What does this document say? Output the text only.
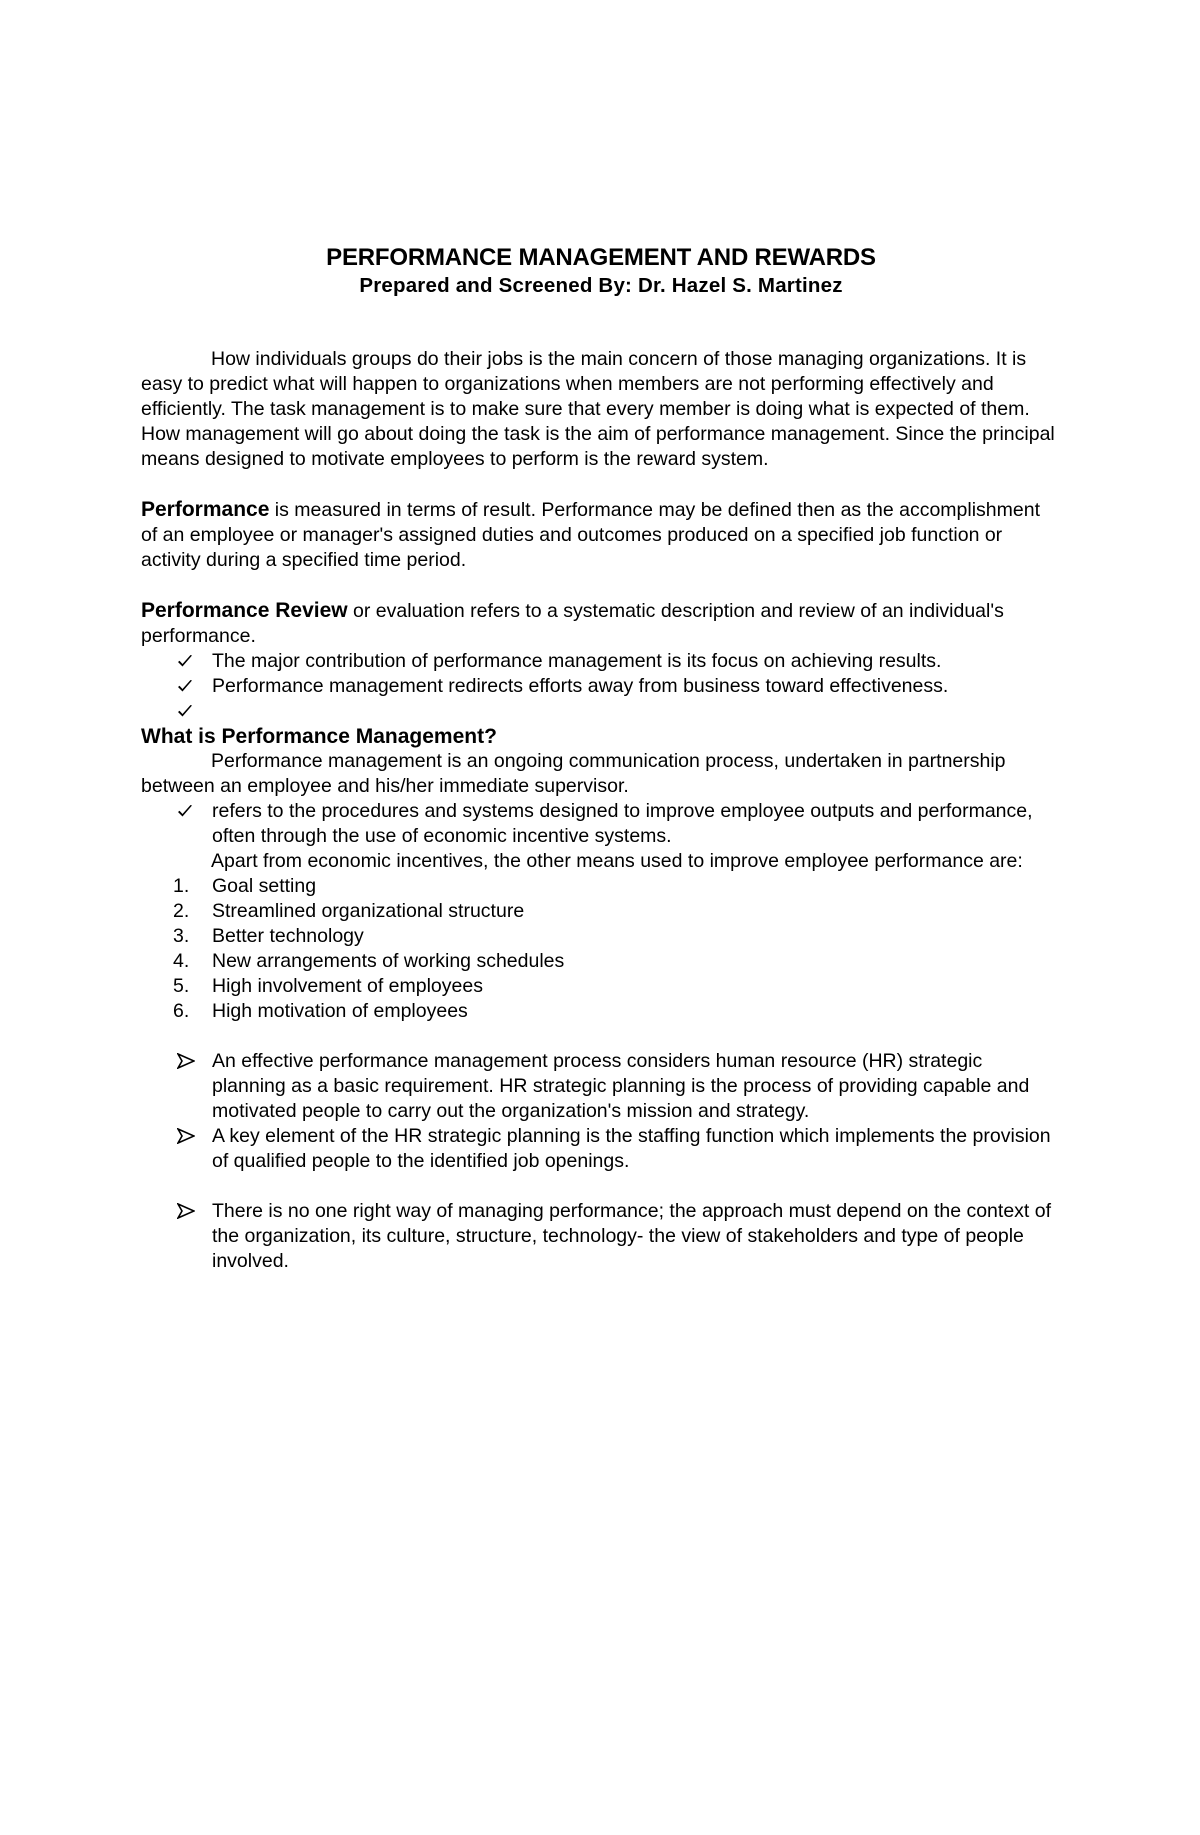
PERFORMANCE MANAGEMENT AND REWARDS
Prepared and Screened By: Dr. Hazel S. Martinez

How individuals groups do their jobs is the main concern of those managing organizations. It is easy to predict what will happen to organizations when members are not performing effectively and efficiently. The task management is to make sure that every member is doing what is expected of them. How management will go about doing the task is the aim of performance management. Since the principal means designed to motivate employees to perform is the reward system.

Performance is measured in terms of result. Performance may be defined then as the accomplishment of an employee or manager's assigned duties and outcomes produced on a specified job function or activity during a specified time period.

Performance Review or evaluation refers to a systematic description and review of an individual's performance.

The major contribution of performance management is its focus on achieving results.
Performance management redirects efforts away from business toward effectiveness.

What is Performance Management?

Performance management is an ongoing communication process, undertaken in partnership between an employee and his/her immediate supervisor.

refers to the procedures and systems designed to improve employee outputs and performance, often through the use of economic incentive systems.

Apart from economic incentives, the other means used to improve employee performance are:

1.	Goal setting
2.	Streamlined organizational structure
3.	Better technology
4.	New arrangements of working schedules
5.	High involvement of employees
6.	High motivation of employees
An effective performance management process considers human resource (HR) strategic planning as a basic requirement. HR strategic planning is the process of providing capable and motivated people to carry out the organization's mission and strategy.
A key element of the HR strategic planning is the staffing function which implements the provision of qualified people to the identified job openings.
There is no one right way of managing performance; the approach must depend on the context of the organization, its culture, structure, technology- the view of stakeholders and type of people involved.
